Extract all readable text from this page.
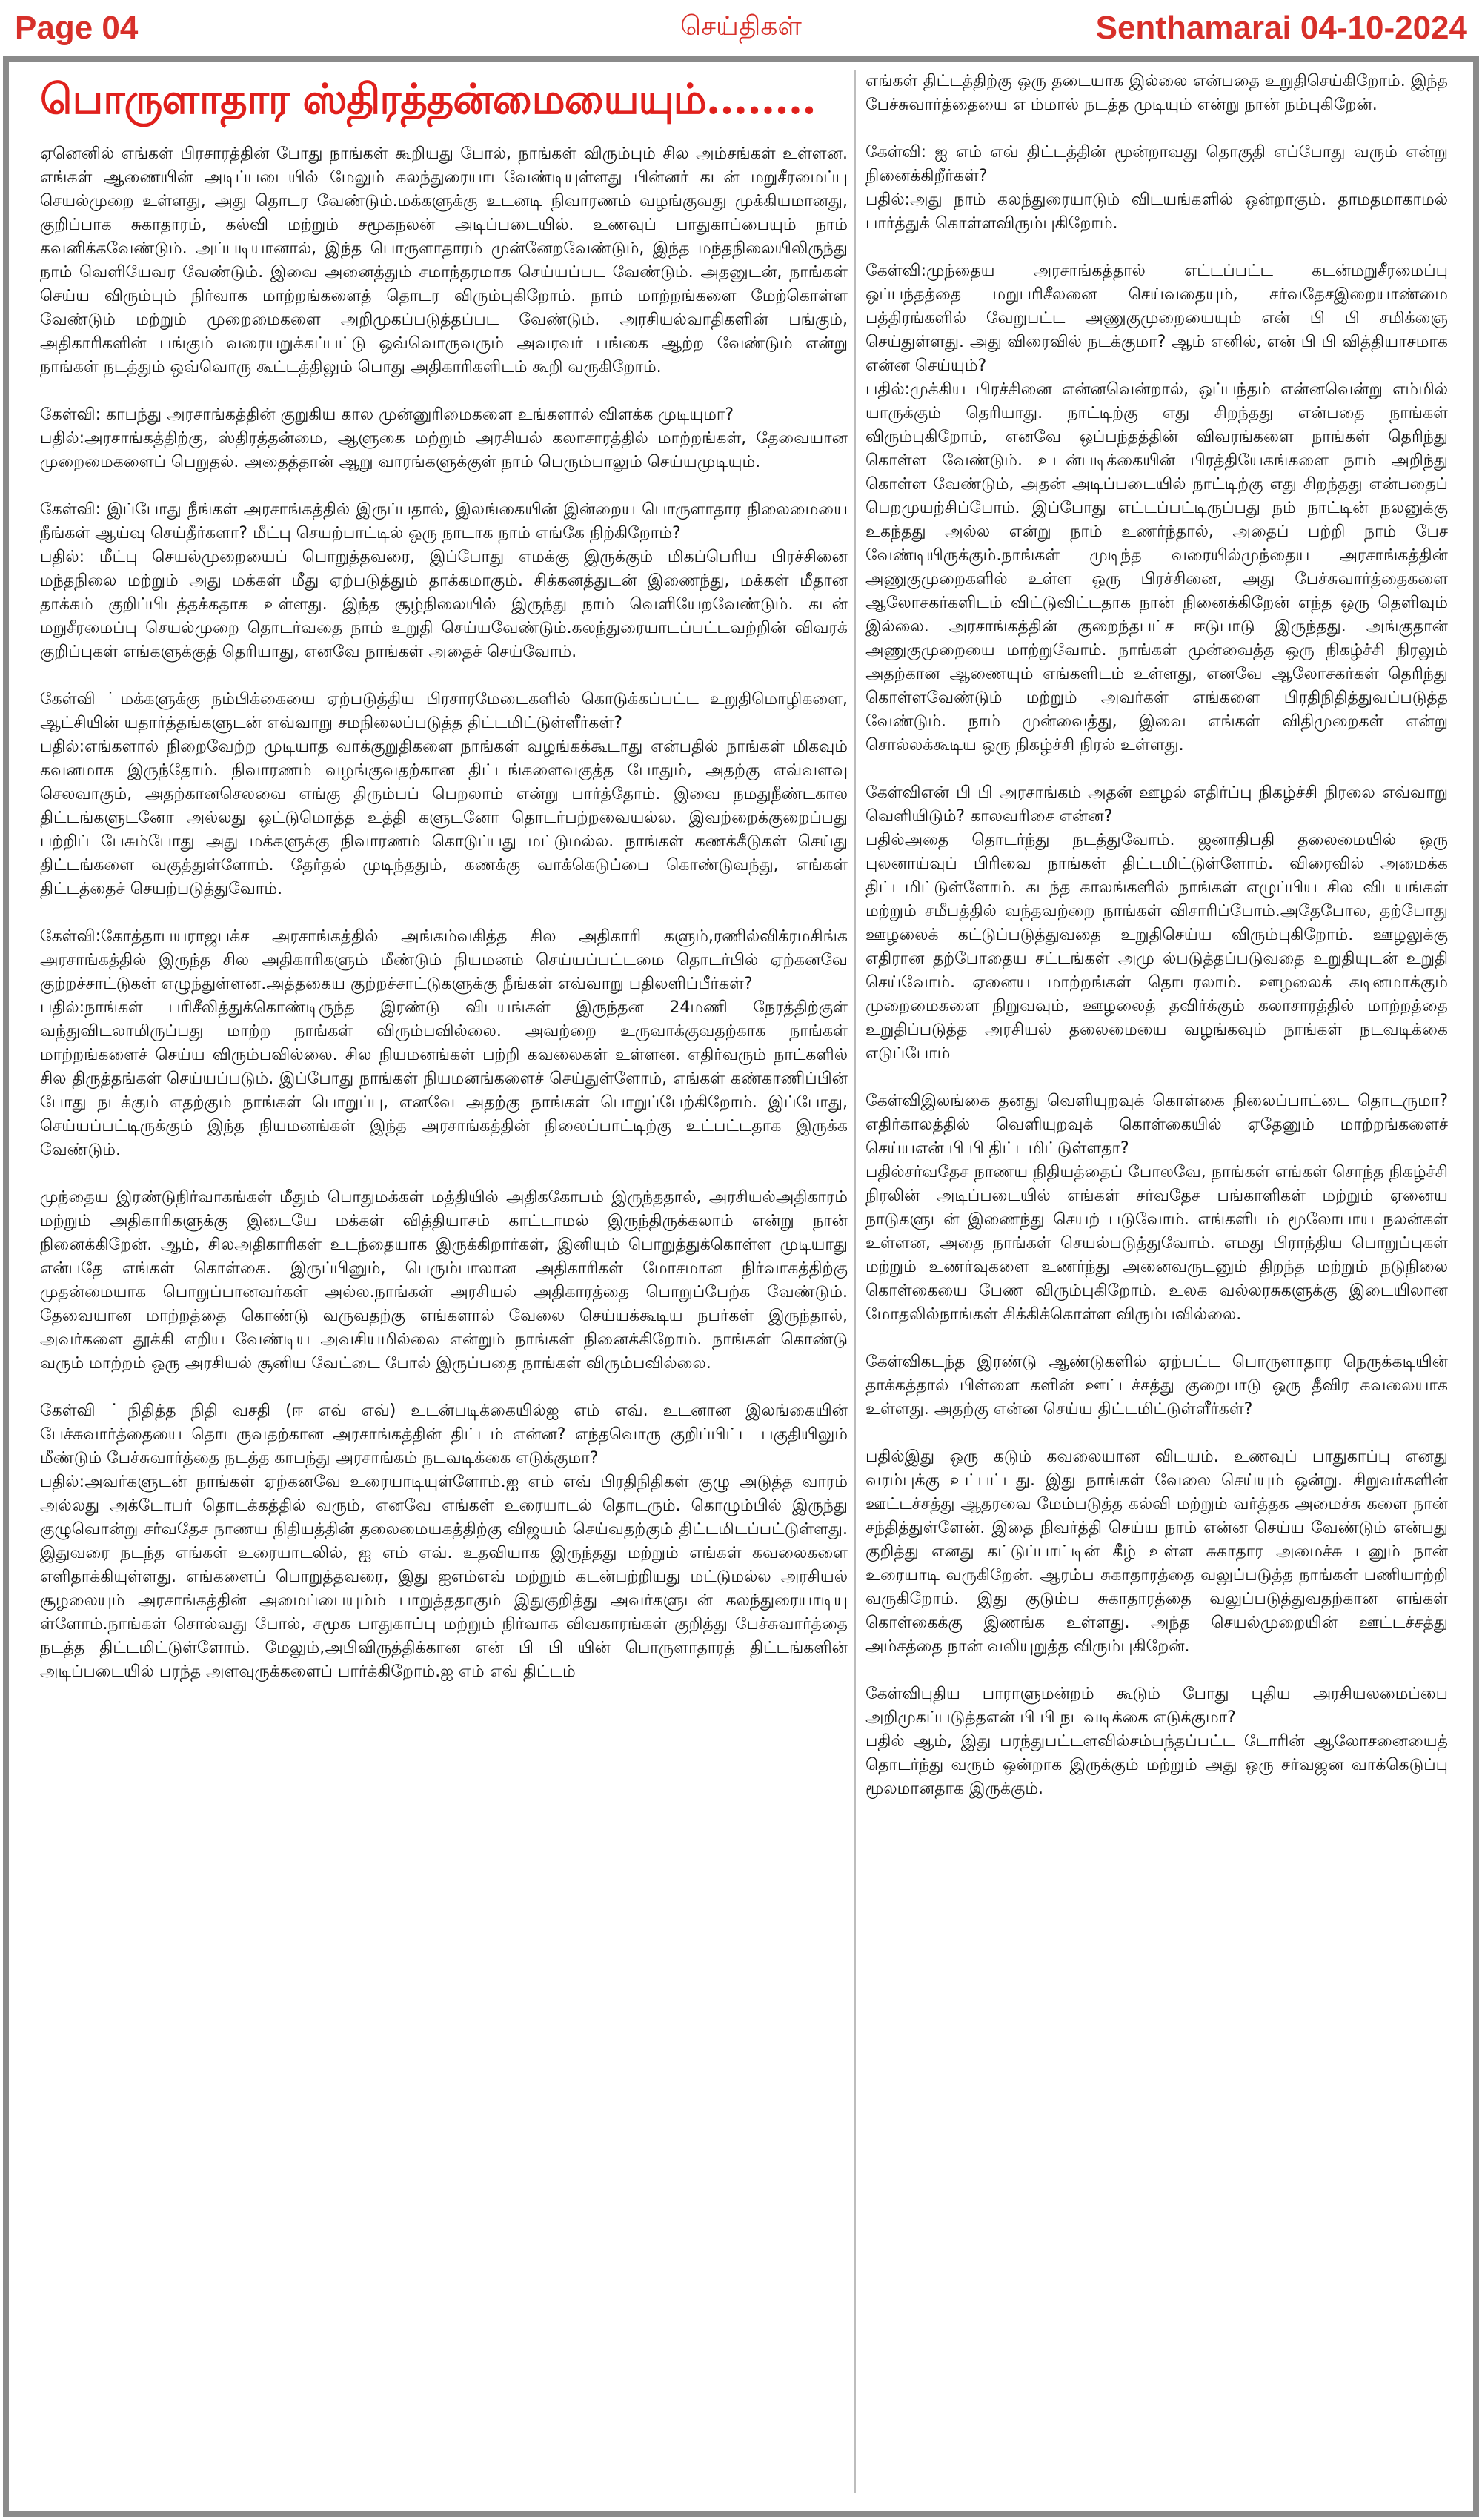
Page 04	செய்திகள்	Senthamarai 04-10-2024
பொருளாதார ஸ்திரத்தன்மையையும்........

ஏனெனில் எங்கள் பிரசாரத்தின் போது நாங்கள் கூறியது போல், நாங்கள் விரும்பும் சில அம்சங்கள் உள்ளன. எங்கள் ஆணையின் அடிப்படையில் மேலும் கலந்துரையாடவேண்டியுள்ளது பின்னர் கடன் மறுசீரமைப்பு செயல்முறை உள்ளது, அது தொடர வேண்டும்.மக்களுக்கு உடனடி நிவாரணம் வழங்குவது முக்கியமானது, குறிப்பாக சுகாதாரம், கல்வி மற்றும் சமூகநலன் அடிப்படையில். உணவுப் பாதுகாப்பையும் நாம் கவனிக்கவேண்டும். அப்படியானால், இந்த பொருளாதாரம் முன்னேறவேண்டும், இந்த மந்தநிலையிலிருந்து நாம் வெளியேவர வேண்டும். இவை அனைத்தும் சமாந்தரமாக செய்யப்பட வேண்டும். அதனுடன், நாங்கள் செய்ய விரும்பும் நிர்வாக மாற்றங்களைத் தொடர விரும்புகிறோம். நாம் மாற்றங்களை மேற்கொள்ள வேண்டும் மற்றும் முறைமைகளை அறிமுகப்படுத்தப்பட வேண்டும். அரசியல்வாதிகளின் பங்கும், அதிகாரிகளின் பங்கும் வரையறுக்கப்பட்டு ஒவ்வொருவரும் அவரவர் பங்கை ஆற்ற வேண்டும் என்று நாங்கள் நடத்தும் ஒவ்வொரு கூட்டத்திலும் பொது அதிகாரிகளிடம் கூறி வருகிறோம்.

கேள்வி: காபந்து அரசாங்கத்தின் குறுகிய கால முன்னுரிமைகளை உங்களால் விளக்க முடியுமா?
பதில்:அரசாங்கத்திற்கு, ஸ்திரத்தன்மை, ஆளுகை மற்றும் அரசியல் கலாசாரத்தில் மாற்றங்கள், தேவையான முறைமைகளைப் பெறுதல். அதைத்தான் ஆறு வாரங்களுக்குள் நாம் பெரும்பாலும் செய்யமுடியும்.

கேள்வி: இப்போது நீங்கள் அரசாங்கத்தில் இருப்பதால், இலங்கையின் இன்றைய பொருளாதார நிலைமையை நீங்கள் ஆய்வு செய்தீர்களா? மீட்பு செயற்பாட்டில் ஒரு நாடாக நாம் எங்கே நிற்கிறோம்?
பதில்: மீட்பு செயல்முறையைப் பொறுத்தவரை, இப்போது எமக்கு இருக்கும் மிகப்பெரிய பிரச்சினை மந்தநிலை மற்றும் அது மக்கள் மீது ஏற்படுத்தும் தாக்கமாகும். சிக்கனத்துடன் இணைந்து, மக்கள் மீதான தாக்கம் குறிப்பிடத்தக்கதாக உள்ளது. இந்த சூழ்நிலையில் இருந்து நாம் வெளியேறவேண்டும். கடன் மறுசீரமைப்பு செயல்முறை தொடர்வதை நாம் உறுதி செய்யவேண்டும்.கலந்துரையாடப்பட்டவற்றின் விவரக் குறிப்புகள் எங்களுக்குத் தெரியாது, எனவே நாங்கள் அதைச் செய்வோம்.

கேள்வி ˙மக்களுக்கு நம்பிக்கையை ஏற்படுத்திய பிரசாரமேடைகளில் கொடுக்கப்பட்ட உறுதிமொழிகளை, ஆட்சியின் யதார்த்தங்களுடன் எவ்வாறு சமநிலைப்படுத்த திட்டமிட்டுள்ளீர்கள்?
பதில்:எங்களால் நிறைவேற்ற முடியாத வாக்குறுதிகளை நாங்கள் வழங்கக்கூடாது என்பதில் நாங்கள் மிகவும் கவனமாக இருந்தோம். நிவாரணம் வழங்குவதற்கான திட்டங்களைவகுத்த போதும், அதற்கு எவ்வளவு செலவாகும், அதற்கானசெலவை எங்கு திரும்பப் பெறலாம் என்று பார்த்தோம். இவை நமதுநீண்டகால திட்டங்களுடனோ அல்லது ஒட்டுமொத்த உத்தி களுடனோ தொடர்பற்றவையல்ல. இவற்றைக்குறைப்பது பற்றிப் பேசும்போது அது மக்களுக்கு நிவாரணம் கொடுப்பது மட்டுமல்ல. நாங்கள் கணக்கீடுகள் செய்து திட்டங்களை வகுத்துள்ளோம். தேர்தல் முடிந்ததும், கணக்கு வாக்கெடுப்பை கொண்டுவந்து, எங்கள் திட்டத்தைச் செயற்படுத்துவோம்.

கேள்வி:கோத்தாபயராஜபக்ச அரசாங்கத்தில் அங்கம்வகித்த சில அதிகாரி களும்,ரணில்விக்ரமசிங்க அரசாங்கத்தில் இருந்த சில அதிகாரிகளும் மீண்டும் நியமனம் செய்யப்பட்டமை தொடர்பில் ஏற்கனவே குற்றச்சாட்டுகள் எழுந்துள்ளன.அத்தகைய குற்றச்சாட்டுகளுக்கு நீங்கள் எவ்வாறு பதிலளிப்பீர்கள்?
பதில்:நாங்கள் பரிசீலித்துக்கொண்டிருந்த இரண்டு விடயங்கள் இருந்தன 24மணி நேரத்திற்குள் வந்துவிடலாமிருப்பது மாற்ற நாங்கள் விரும்பவில்லை. அவற்றை உருவாக்குவதற்காக நாங்கள் மாற்றங்களைச் செய்ய விரும்பவில்லை. சில நியமனங்கள் பற்றி கவலைகள் உள்ளன. எதிர்வரும் நாட்களில் சில திருத்தங்கள் செய்யப்படும். இப்போது நாங்கள் நியமனங்களைச் செய்துள்ளோம், எங்கள் கண்காணிப்பின் போது நடக்கும் எதற்கும் நாங்கள் பொறுப்பு, எனவே அதற்கு நாங்கள் பொறுப்பேற்கிறோம். இப்போது, செய்யப்பட்டிருக்கும் இந்த நியமனங்கள் இந்த அரசாங்கத்தின் நிலைப்பாட்டிற்கு உட்பட்டதாக இருக்க வேண்டும்.

முந்தைய இரண்டுநிர்வாகங்கள் மீதும் பொதுமக்கள் மத்தியில் அதிககோபம் இருந்ததால், அரசியல்அதிகாரம் மற்றும் அதிகாரிகளுக்கு இடையே மக்கள் வித்தியாசம் காட்டாமல் இருந்திருக்கலாம் என்று நான் நினைக்கிறேன். ஆம், சிலஅதிகாரிகள் உடந்தையாக இருக்கிறார்கள், இனியும் பொறுத்துக்கொள்ள முடியாது என்பதே எங்கள் கொள்கை. இருப்பினும், பெரும்பாலான அதிகாரிகள் மோசமான நிர்வாகத்திற்கு முதன்மையாக பொறுப்பானவர்கள் அல்ல.நாங்கள் அரசியல் அதிகாரத்தை பொறுப்பேற்க வேண்டும். தேவையான மாற்றத்தை கொண்டு வருவதற்கு எங்களால் வேலை செய்யக்கூடிய நபர்கள் இருந்தால், அவர்களை தூக்கி எறிய வேண்டிய அவசியமில்லை என்றும் நாங்கள் நினைக்கிறோம். நாங்கள் கொண்டு வரும் மாற்றம் ஒரு அரசியல் சூனிய வேட்டை போல் இருப்பதை நாங்கள் விரும்பவில்லை.

கேள்வி ˙நிதித்த நிதி வசதி (ஈ எவ் எவ்) உடன்படிக்கையில்ஐ எம் எவ். உடனான இலங்கையின் பேச்சுவார்த்தையை தொடருவதற்கான அரசாங்கத்தின் திட்டம் என்ன? எந்தவொரு குறிப்பிட்ட பகுதியிலும் மீண்டும் பேச்சுவார்த்தை நடத்த காபந்து அரசாங்கம் நடவடிக்கை எடுக்குமா?
பதில்:அவர்களுடன் நாங்கள் ஏற்கனவே உரையாடியுள்ளோம்.ஐ எம் எவ் பிரதிநிதிகள் குழு அடுத்த வாரம் அல்லது அக்டோபர் தொடக்கத்தில் வரும், எனவே எங்கள் உரையாடல் தொடரும். கொழும்பில் இருந்து குழுவொன்று சர்வதேச நாணய நிதியத்தின் தலைமையகத்திற்கு விஜயம் செய்வதற்கும் திட்டமிடப்பட்டுள்ளது. இதுவரை நடந்த எங்கள் உரையாடலில், ஐ எம் எவ். உதவியாக இருந்தது மற்றும் எங்கள் கவலைகளை எளிதாக்கியுள்ளது. எங்களைப் பொறுத்தவரை, இது ஐஎம்எவ் மற்றும் கடன்பற்றியது மட்டுமல்ல அரசியல் சூழலையும் அரசாங்கத்தின் அமைப்பையும்ம் பாறுத்ததாகும் இதுகுறித்து அவர்களுடன் கலந்துரையாடியு ள்ளோம்.நாங்கள் சொல்வது போல், சமூக பாதுகாப்பு மற்றும் நிர்வாக விவகாரங்கள் குறித்து பேச்சுவார்த்தை நடத்த திட்டமிட்டுள்ளோம். மேலும்,அபிவிருத்திக்கான என் பி பி யின் பொருளாதாரத் திட்டங்களின் அடிப்படையில் பரந்த அளவுருக்களைப் பார்க்கிறோம்.ஐ எம் எவ் திட்டம்

எங்கள் திட்டத்திற்கு ஒரு தடையாக இல்லை என்பதை உறுதிசெய்கிறோம். இந்த பேச்சுவார்த்தையை எ ம்மால் நடத்த முடியும் என்று நான் நம்புகிறேன்.

கேள்வி: ஐ எம் எவ் திட்டத்தின் மூன்றாவது தொகுதி எப்போது வரும் என்று நினைக்கிறீர்கள்?
பதில்:அது நாம் கலந்துரையாடும் விடயங்களில் ஒன்றாகும். தாமதமாகாமல் பார்த்துக் கொள்ளவிரும்புகிறோம்.

கேள்வி:முந்தைய அரசாங்கத்தால் எட்டப்பட்ட கடன்மறுசீரமைப்பு ஒப்பந்தத்தை மறுபரிசீலனை செய்வதையும், சர்வதேசஇறையாண்மை பத்திரங்களில் வேறுபட்ட அணுகுமுறையையும் என் பி பி சமிக்ஞை செய்துள்ளது. அது விரைவில் நடக்குமா? ஆம் எனில், என் பி பி வித்தியாசமாக என்ன செய்யும்?
பதில்:முக்கிய பிரச்சினை என்னவென்றால், ஒப்பந்தம் என்னவென்று எம்மில் யாருக்கும் தெரியாது. நாட்டிற்கு எது சிறந்தது என்பதை நாங்கள் விரும்புகிறோம், எனவே ஒப்பந்தத்தின் விவரங்களை நாங்கள் தெரிந்து கொள்ள வேண்டும். உடன்படிக்கையின் பிரத்தியேகங்களை நாம் அறிந்து கொள்ள வேண்டும், அதன் அடிப்படையில் நாட்டிற்கு எது சிறந்தது என்பதைப் பெறமுயற்சிப்போம். இப்போது எட்டப்பட்டிருப்பது நம் நாட்டின் நலனுக்கு உகந்தது அல்ல என்று நாம் உணர்ந்தால், அதைப் பற்றி நாம் பேச வேண்டியிருக்கும்.நாங்கள் முடிந்த வரையில்முந்தைய அரசாங்கத்தின் அணுகுமுறைகளில் உள்ள ஒரு பிரச்சினை, அது பேச்சுவார்த்தைகளை ஆலோசகர்களிடம் விட்டுவிட்டதாக நான் நினைக்கிறேன் எந்த ஒரு தெளிவும் இல்லை. அரசாங்கத்தின் குறைந்தபட்ச ஈடுபாடு இருந்தது. அங்குதான் அணுகுமுறையை மாற்றுவோம். நாங்கள் முன்வைத்த ஒரு நிகழ்ச்சி நிரலும் அதற்கான ஆணையும் எங்களிடம் உள்ளது, எனவே ஆலோசகர்கள் தெரிந்து கொள்ளவேண்டும் மற்றும் அவர்கள் எங்களை பிரதிநிதித்துவப்படுத்த வேண்டும். நாம் முன்வைத்து, இவை எங்கள் விதிமுறைகள் என்று சொல்லக்கூடிய ஒரு நிகழ்ச்சி நிரல் உள்ளது.

கேள்விஎன் பி பி அரசாங்கம் அதன் ஊழல் எதிர்ப்பு நிகழ்ச்சி நிரலை எவ்வாறு வெளியிடும்? காலவரிசை என்ன?
பதில்அதை தொடர்ந்து நடத்துவோம். ஜனாதிபதி தலைமையில் ஒரு புலனாய்வுப் பிரிவை நாங்கள் திட்டமிட்டுள்ளோம். விரைவில் அமைக்க திட்டமிட்டுள்ளோம். கடந்த காலங்களில் நாங்கள் எழுப்பிய சில விடயங்கள் மற்றும் சமீபத்தில் வந்தவற்றை நாங்கள் விசாரிப்போம்.அதேபோல, தற்போது ஊழலைக் கட்டுப்படுத்துவதை உறுதிசெய்ய விரும்புகிறோம். ஊழலுக்கு எதிரான தற்போதைய சட்டங்கள் அமு ல்படுத்தப்படுவதை உறுதியுடன் உறுதி செய்வோம். ஏனைய மாற்றங்கள் தொடரலாம். ஊழலைக் கடினமாக்கும் முறைமைகளை நிறுவவும், ஊழலைத் தவிர்க்கும் கலாசாரத்தில் மாற்றத்தை உறுதிப்படுத்த அரசியல் தலைமையை வழங்கவும் நாங்கள் நடவடிக்கை எடுப்போம்

கேள்விஇலங்கை தனது வெளியுறவுக் கொள்கை நிலைப்பாட்டை தொடருமா? எதிர்காலத்தில் வெளியுறவுக் கொள்கையில் ஏதேனும் மாற்றங்களைச் செய்யஎன் பி பி திட்டமிட்டுள்ளதா?
பதில்சர்வதேச நாணய நிதியத்தைப் போலவே, நாங்கள் எங்கள் சொந்த நிகழ்ச்சி நிரலின் அடிப்படையில் எங்கள் சர்வதேச பங்காளிகள் மற்றும் ஏனைய நாடுகளுடன் இணைந்து செயற் படுவோம். எங்களிடம் மூலோபாய நலன்கள் உள்ளன, அதை நாங்கள் செயல்படுத்துவோம். எமது பிராந்திய பொறுப்புகள் மற்றும் உணர்வுகளை உணர்ந்து அனைவருடனும் திறந்த மற்றும் நடுநிலை கொள்கையை பேண விரும்புகிறோம். உலக வல்லரசுகளுக்கு இடையிலான மோதலில்நாங்கள் சிக்கிக்கொள்ள விரும்பவில்லை.

கேள்விகடந்த இரண்டு ஆண்டுகளில் ஏற்பட்ட பொருளாதார நெருக்கடியின் தாக்கத்தால் பிள்ளை களின் ஊட்டச்சத்து குறைபாடு ஒரு தீவிர கவலையாக உள்ளது. அதற்கு என்ன செய்ய திட்டமிட்டுள்ளீர்கள்?

பதில்இது ஒரு கடும் கவலையான விடயம். உணவுப் பாதுகாப்பு எனது வரம்புக்கு உட்பட்டது. இது நாங்கள் வேலை செய்யும் ஒன்று. சிறுவர்களின் ஊட்டச்சத்து ஆதரவை மேம்படுத்த கல்வி மற்றும் வர்த்தக அமைச்சு களை நான் சந்தித்துள்ளேன். இதை நிவர்த்தி செய்ய நாம் என்ன செய்ய வேண்டும் என்பது குறித்து எனது கட்டுப்பாட்டின் கீழ் உள்ள சுகாதார அமைச்சு டனும் நான் உரையாடி வருகிறேன். ஆரம்ப சுகாதாரத்தை வலுப்படுத்த நாங்கள் பணியாற்றி வருகிறோம். இது குடும்ப சுகாதாரத்தை வலுப்படுத்துவதற்கான எங்கள் கொள்கைக்கு இணங்க உள்ளது. அந்த செயல்முறையின் ஊட்டச்சத்து அம்சத்தை நான் வலியுறுத்த விரும்புகிறேன்.

கேள்விபுதிய பாராளுமன்றம் கூடும் போது புதிய அரசியலமைப்பை அறிமுகப்படுத்தஎன் பி பி நடவடிக்கை எடுக்குமா?
பதில் ஆம், இது பரந்துபட்டளவில்சம்பந்தப்பட்ட டோரின் ஆலோசனையைத் தொடர்ந்து வரும் ஒன்றாக இருக்கும் மற்றும் அது ஒரு சர்வஜன வாக்கெடுப்பு மூலமானதாக இருக்கும்.
